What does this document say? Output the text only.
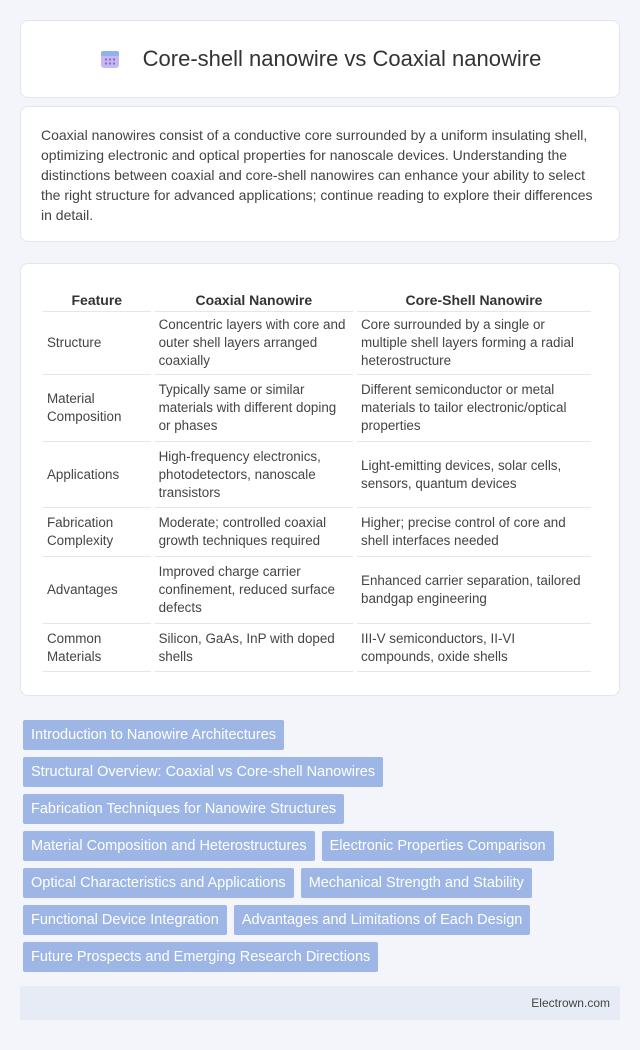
Core-shell nanowire vs Coaxial nanowire

Coaxial nanowires consist of a conductive core surrounded by a uniform insulating shell, optimizing electronic and optical properties for nanoscale devices. Understanding the distinctions between coaxial and core-shell nanowires can enhance your ability to select the right structure for advanced applications; continue reading to explore their differences in detail.

Feature	Coaxial Nanowire	Core-Shell Nanowire
Structure	Concentric layers with core and outer shell layers arranged coaxially	Core surrounded by a single or multiple shell layers forming a radial heterostructure
Material Composition	Typically same or similar materials with different doping or phases	Different semiconductor or metal materials to tailor electronic/optical properties
Applications	High-frequency electronics, photodetectors, nanoscale transistors	Light-emitting devices, solar cells, sensors, quantum devices
Fabrication Complexity	Moderate; controlled coaxial growth techniques required	Higher; precise control of core and shell interfaces needed
Advantages	Improved charge carrier confinement, reduced surface defects	Enhanced carrier separation, tailored bandgap engineering
Common Materials	Silicon, GaAs, InP with doped shells	III-V semiconductors, II-VI compounds, oxide shells
Introduction to Nanowire Architectures
Structural Overview: Coaxial vs Core-shell Nanowires
Fabrication Techniques for Nanowire Structures
Material Composition and Heterostructures Electronic Properties Comparison
Optical Characteristics and Applications Mechanical Strength and Stability
Functional Device Integration Advantages and Limitations of Each Design
Future Prospects and Emerging Research Directions
Electrown.com
